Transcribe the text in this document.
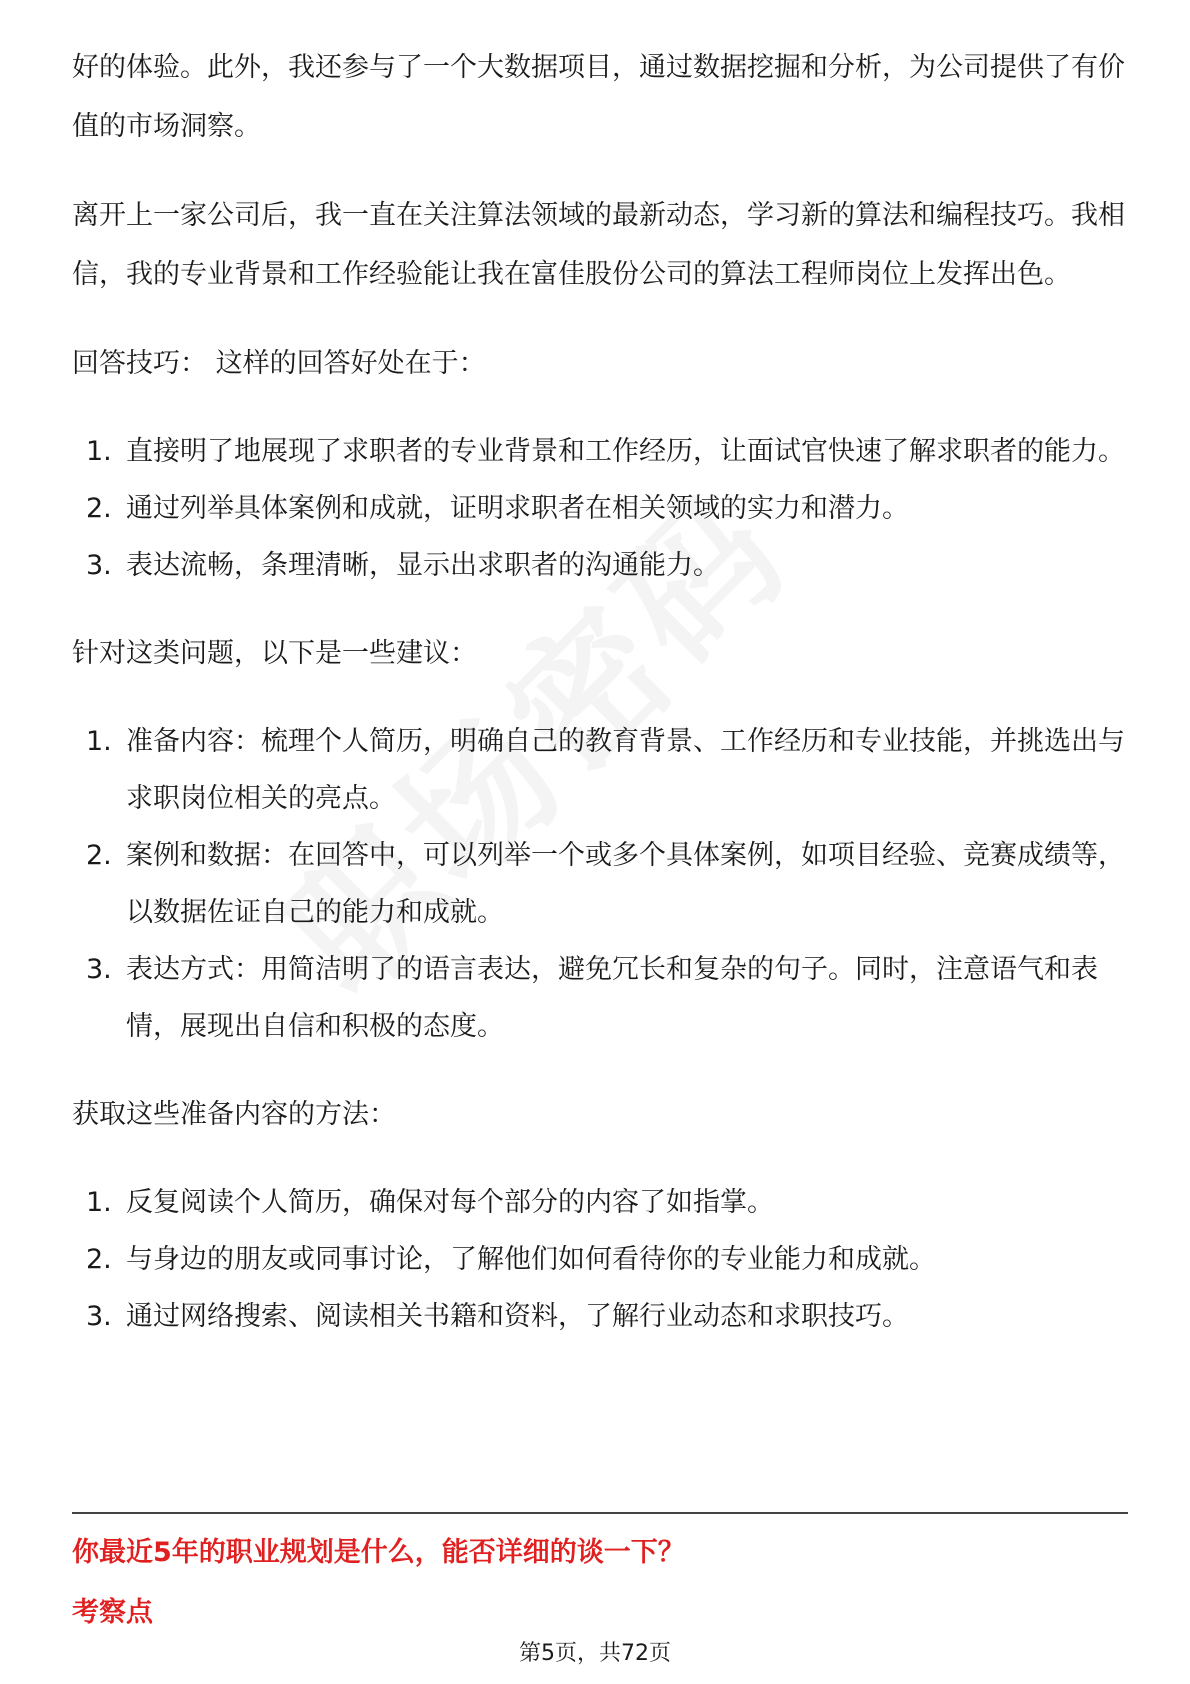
好的体验。此外，我还参与了一个大数据项目，通过数据挖掘和分析，为公司提供了有价值的市场洞察。

离开上一家公司后，我一直在关注算法领域的最新动态，学习新的算法和编程技巧。我相信，我的专业背景和工作经验能让我在富佳股份公司的算法工程师岗位上发挥出色。

回答技巧： 这样的回答好处在于：

1. 直接明了地展现了求职者的专业背景和工作经历，让面试官快速了解求职者的能力。
2. 通过列举具体案例和成就，证明求职者在相关领域的实力和潜力。
3. 表达流畅，条理清晰，显示出求职者的沟通能力。

针对这类问题，以下是一些建议：

1. 准备内容：梳理个人简历，明确自己的教育背景、工作经历和专业技能，并挑选出与求职岗位相关的亮点。
2. 案例和数据：在回答中，可以列举一个或多个具体案例，如项目经验、竞赛成绩等，以数据佐证自己的能力和成就。
3. 表达方式：用简洁明了的语言表达，避免冗长和复杂的句子。同时，注意语气和表情，展现出自信和积极的态度。

获取这些准备内容的方法：

1. 反复阅读个人简历，确保对每个部分的内容了如指掌。
2. 与身边的朋友或同事讨论，了解他们如何看待你的专业能力和成就。
3. 通过网络搜索、阅读相关书籍和资料，了解行业动态和求职技巧。
你最近5年的职业规划是什么，能否详细的谈一下？
考察点
第5页，共72页
